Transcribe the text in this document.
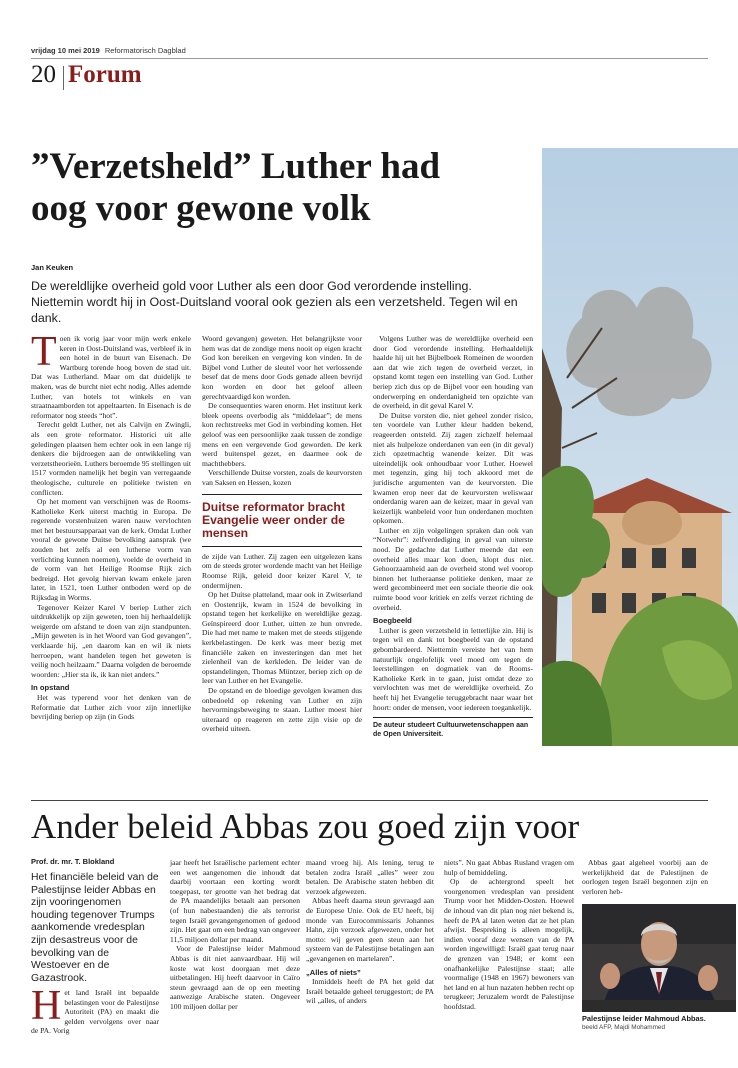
vrijdag 10 mei 2019 Reformatorisch Dagblad
20 Forum
”Verzetsheld” Luther had
oog voor gewone volk
Jan Keuken
De wereldlijke overheid gold voor Luther als een door God verordende instelling. Niettemin wordt hij in Oost-Duitsland vooral ook gezien als een verzetsheld. Tegen wil en dank.
T oen ik vorig jaar voor mijn werk enkele keren in Oost-Duitsland was, verbleef ik in een hotel in de buurt van Eisenach. De Wartburg torende hoog boven de stad uit. Dat was Lutherland. Maar om dat duidelijk te maken, was de burcht niet echt nodig. Alles ademde Luther, van hotels tot winkels en van straatnaamborden tot appeltaarten. In Eisenach is de reformator nog steeds “hot”.

Terecht geldt Luther, net als Calvijn en Zwingli, als een grote reformator. Historici uit alle geledingen plaatsen hem echter ook in een lange rij denkers die bijdroegen aan de ontwikkeling van verzetstheorieën. Luthers beroemde 95 stellingen uit 1517 vormden namelijk het begin van verregaande theologische, culturele en politieke twisten en conflicten.

Op het moment van verschijnen was de Rooms-Katholieke Kerk uiterst machtig in Europa. De regerende vorstenhuizen waren nauw vervlochten met het bestuursapparaat van de kerk. Omdat Luther vooral de gewone Duitse bevolking aansprak (we zouden het zelfs al een lutherse vorm van verlichting kunnen noemen), voelde de overheid in de vorm van het Heilige Roomse Rijk zich bedreigd. Het gevolg hiervan kwam enkele jaren later, in 1521, toen Luther ontboden werd op de Rijksdag in Worms.

Tegenover Keizer Karel V beriep Luther zich uitdrukkelijk op zijn geweten, toen hij herhaaldelijk weigerde om afstand te doen van zijn standpunten. „Mijn geweten is in het Woord van God gevangen”, verklaarde hij, „en daarom kan en wil ik niets herroepen, want handelen tegen het geweten is veilig noch heilzaam.” Daarna volgden de beroemde woorden: „Hier sta ik, ik kan niet anders.”

In opstand

Het was typerend voor het denken van de Reformatie dat Luther zich voor zijn innerlijke bevrijding beriep op zijn (in Gods

Woord gevangen) geweten. Het belangrijkste voor hem was dat de zondige mens nooit op eigen kracht God kon bereiken en vergeving kon vinden. In de Bijbel vond Luther de sleutel voor het verlossende besef dat de mens door Gods genade alleen bevrijd kon worden en door het geloof alleen gerechtvaardigd kon worden.

De consequenties waren enorm. Het instituut kerk bleek opeens overbodig als “middelaar”; de mens kon rechtstreeks met God in verbinding komen. Het geloof was een persoonlijke zaak tussen de zondige mens en een vergevende God geworden. De kerk werd buitenspel gezet, en daarmee ook de machthebbers.

Verschillende Duitse vorsten, zoals de keurvorsten van Saksen en Hessen, kozen

Duitse reformator bracht Evangelie weer onder de mensen

de zijde van Luther. Zij zagen een uitgelezen kans om de steeds groter wordende macht van het Heilige Roomse Rijk, geleid door keizer Karel V, te ondermijnen.

Op het Duitse platteland, maar ook in Zwitserland en Oostenrijk, kwam in 1524 de bevolking in opstand tegen het kerkelijke en wereldlijke gezag. Geïnspireerd door Luther, uitten ze hun onvrede. Die had met name te maken met de steeds stijgende kerkbelastingen. De kerk was meer bezig met financiële zaken en investeringen dan met het zielenheil van de kerkleden. De leider van de opstandelingen, Thomas Müntzer, beriep zich op de leer van Luther en het Evangelie.

De opstand en de bloedige gevolgen kwamen dus onbedoeld op rekening van Luther en zijn hervormingsbeweging te staan. Luther moest hier uiteraard op reageren en zette zijn visie op de overheid uiteen.

Volgens Luther was de wereldlijke overheid een door God verordende instelling. Herhaaldelijk haalde hij uit het Bijbelboek Romeinen de woorden aan dat wie zich tegen de overheid verzet, in opstand komt tegen een instelling van God. Luther beriep zich dus op de Bijbel voor een houding van onderwerping en onderdanigheid ten opzichte van de overheid, in dit geval Karel V.

De Duitse vorsten die, niet geheel zonder risico, ten voordele van Luther kleur hadden bekend, reageerden ontsteld. Zij zagen zichzelf helemaal niet als hulpeloze onderdanen van een (in dit geval) zich opzetmachtig wanende keizer. Dit was uiteindelijk ook onhoudbaar voor Luther. Hoewel met tegenzin, ging hij toch akkoord met de juridische argumenten van de keurvorsten. Die kwamen erop neer dat de keurvorsten weliswaar onderdanig waren aan de keizer, maar in geval van keizerlijk wanbeleid voor hun onderdanen mochten opkomen.

Luther en zijn volgelingen spraken dan ook van “Notwehr”: zelfverdediging in geval van uiterste nood. De gedachte dat Luther meende dat een overheid alles maar kon doen, klopt dus niet. Gehoorzaamheid aan de overheid stond wel voorop binnen het lutheraanse politieke denken, maar ze werd gecombineerd met een sociale theorie die ook ruimte bood voor kritiek en zelfs verzet richting de overheid.

Boegbeeld

Luther is geen verzetsheld in letterlijke zin. Hij is tegen wil en dank tot boegbeeld van de opstand gebombardeerd. Niettemin vereiste het van hem natuurlijk ongelofelijk veel moed om tegen de leerstellingen en dogmatiek van de Rooms-Katholieke Kerk in te gaan, juist omdat deze zo vervlochten was met de wereldlijke overheid. Zo heeft hij het Evangelie teruggebracht naar waar het hoort: onder de mensen, voor iedereen toegankelijk.

De auteur studeert Cultuurwetenschappen aan de Open Universiteit.
Ander beleid Abbas zou goed zijn voor
Prof. dr. mr. T. Blokland
Het financiële beleid van de Palestijnse leider Abbas en zijn vooringenomen houding tegenover Trumps aankomende vredesplan zijn desastreus voor de bevolking van de Westoever en de Gazastrook.
H et land Israël int bepaalde belastingen voor de Palestijnse Autoriteit (PA) en maakt die gelden vervolgens over naar de PA. Vorig

jaar heeft het Israëlische parlement echter een wet aangenomen die inhoudt dat daarbij voortaan een korting wordt toegepast, ter grootte van het bedrag dat de PA maandelijks betaalt aan personen (of hun nabestaanden) die als terrorist tegen Israël gevangengenomen of gedood zijn. Het gaat om een bedrag van ongeveer 11,5 miljoen dollar per maand.

Voor de Palestijnse leider Mahmoud Abbas is dit niet aanvaardbaar. Hij wil koste wat kost doorgaan met deze uitbetalingen. Hij heeft daarvoor in Caïro steun gevraagd aan de op een meeting aanwezige Arabische staten. Ongeveer 100 miljoen dollar per

maand vroeg hij. Als lening, terug te betalen zodra Israël „alles” weer zou betalen. De Arabische staten hebben dit verzoek afgewezen.

Abbas heeft daarna steun gevraagd aan de Europese Unie. Ook de EU heeft, bij monde van Eurocommissaris Johannes Hahn, zijn verzoek afgewezen, onder het motto: wij geven geen steun aan het systeem van de Palestijnse betalingen aan „gevangenen en martelaren”.

„Alles of niets”

Inmiddels heeft de PA het geld dat Israël betaalde geheel teruggestort; de PA wil „alles, of anders

niets”. Nu gaat Abbas Rusland vragen om hulp of bemiddeling.

Op de achtergrond speelt het voorgenomen vredesplan van president Trump voor het Midden-Oosten. Hoewel de inhoud van dit plan nog niet bekend is, heeft de PA al laten weten dat ze het plan afwijst. Bespreking is alleen mogelijk, indien vooraf deze wensen van de PA worden ingewilligd: Israël gaat terug naar de grenzen van 1948; er komt een onafhankelijke Palestijnse staat; alle voormalige (1948 en 1967) bewoners van het land en al hun nazaten hebben recht op terugkeer; Jeruzalem wordt de Palestijnse hoofdstad.

Abbas gaat algeheel voorbij aan de werkelijkheid dat de Palestijnen de oorlogen tegen Israël begonnen zijn en verloren heb-

Palestijnse leider Mahmoud Abbas.
beeld AFP, Majdi Mohammed
